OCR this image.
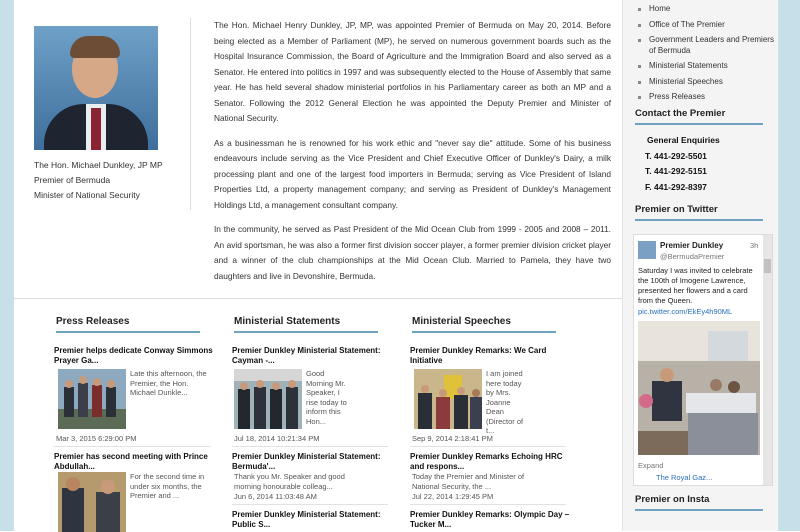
The Hon. Michael Dunkley, JP MP
Premier of Bermuda
Minister of National Security

The Hon. Michael Henry Dunkley, JP, MP, was appointed Premier of Bermuda on May 20, 2014. Before being elected as a Member of Parliament (MP), he served on numerous government boards such as the Hospital Insurance Commission, the Board of Agriculture and the Immigration Board and also served as a Senator. He entered into politics in 1997 and was subsequently elected to the House of Assembly that same year. He has held several shadow ministerial portfolios in his Parliamentary career as both an MP and a Senator. Following the 2012 General Election he was appointed the Deputy Premier and Minister of National Security.

As a businessman he is renowned for his work ethic and "never say die" attitude. Some of his business endeavours include serving as the Vice President and Chief Executive Officer of Dunkley's Dairy, a milk processing plant and one of the largest food importers in Bermuda; serving as Vice President of Island Properties Ltd, a property management company; and serving as President of Dunkley's Management Holdings Ltd, a management consultant company.

In the community, he served as Past President of the Mid Ocean Club from 1999 - 2005 and 2008 – 2011. An avid sportsman, he was also a former first division soccer player, a former premier division cricket player and a winner of the club championships at the Mid Ocean Club. Married to Pamela, they have two daughters and live in Devonshire, Bermuda.

Press Releases
Premier helps dedicate Conway Simmons Prayer Ga...
Late this afternoon, the Premier, the Hon. Michael Dunkle...
Mar 3, 2015 6:29:00 PM
Premier has second meeting with Prince Abdullah...
For the second time in under six months, the Premier and ...
Ministerial Statements
Premier Dunkley Ministerial Statement: Cayman -...
Good Morning Mr. Speaker, I rise today to inform this Hon...
Jul 18, 2014 10:21:34 PM
Premier Dunkley Ministerial Statement: Bermuda'...
Thank you Mr. Speaker and good morning honourable colleag...
Jun 6, 2014 11:03:48 AM
Premier Dunkley Ministerial Statement: Public S...
Ministerial Speeches
Premier Dunkley Remarks: We Card Initiative
I am joined here today by Mrs. Joanne Dean (Director of t...
Sep 9, 2014 2:18:41 PM
Premier Dunkley Remarks Echoing HRC and respons...
Today the Premier and Minister of National Security, the ...
Jul 22, 2014 1:29:45 PM
Premier Dunkley Remarks: Olympic Day – Tucker M...
Home
Office of The Premier
Government Leaders and Premiers of Bermuda
Ministerial Statements
Ministerial Speeches
Press Releases
Contact the Premier
General Enquiries
T. 441-292-5501
T. 441-292-5151
F. 441-292-8397
Premier on Twitter
Premier Dunkley
@BermudaPremier
3h
Saturday I was invited to celebrate the 100th of Imogene Lawrence, presented her flowers and a card from the Queen.
pic.twitter.com/EkEy4h90ML
Expand
The Royal Gaz...
Premier on Insta
